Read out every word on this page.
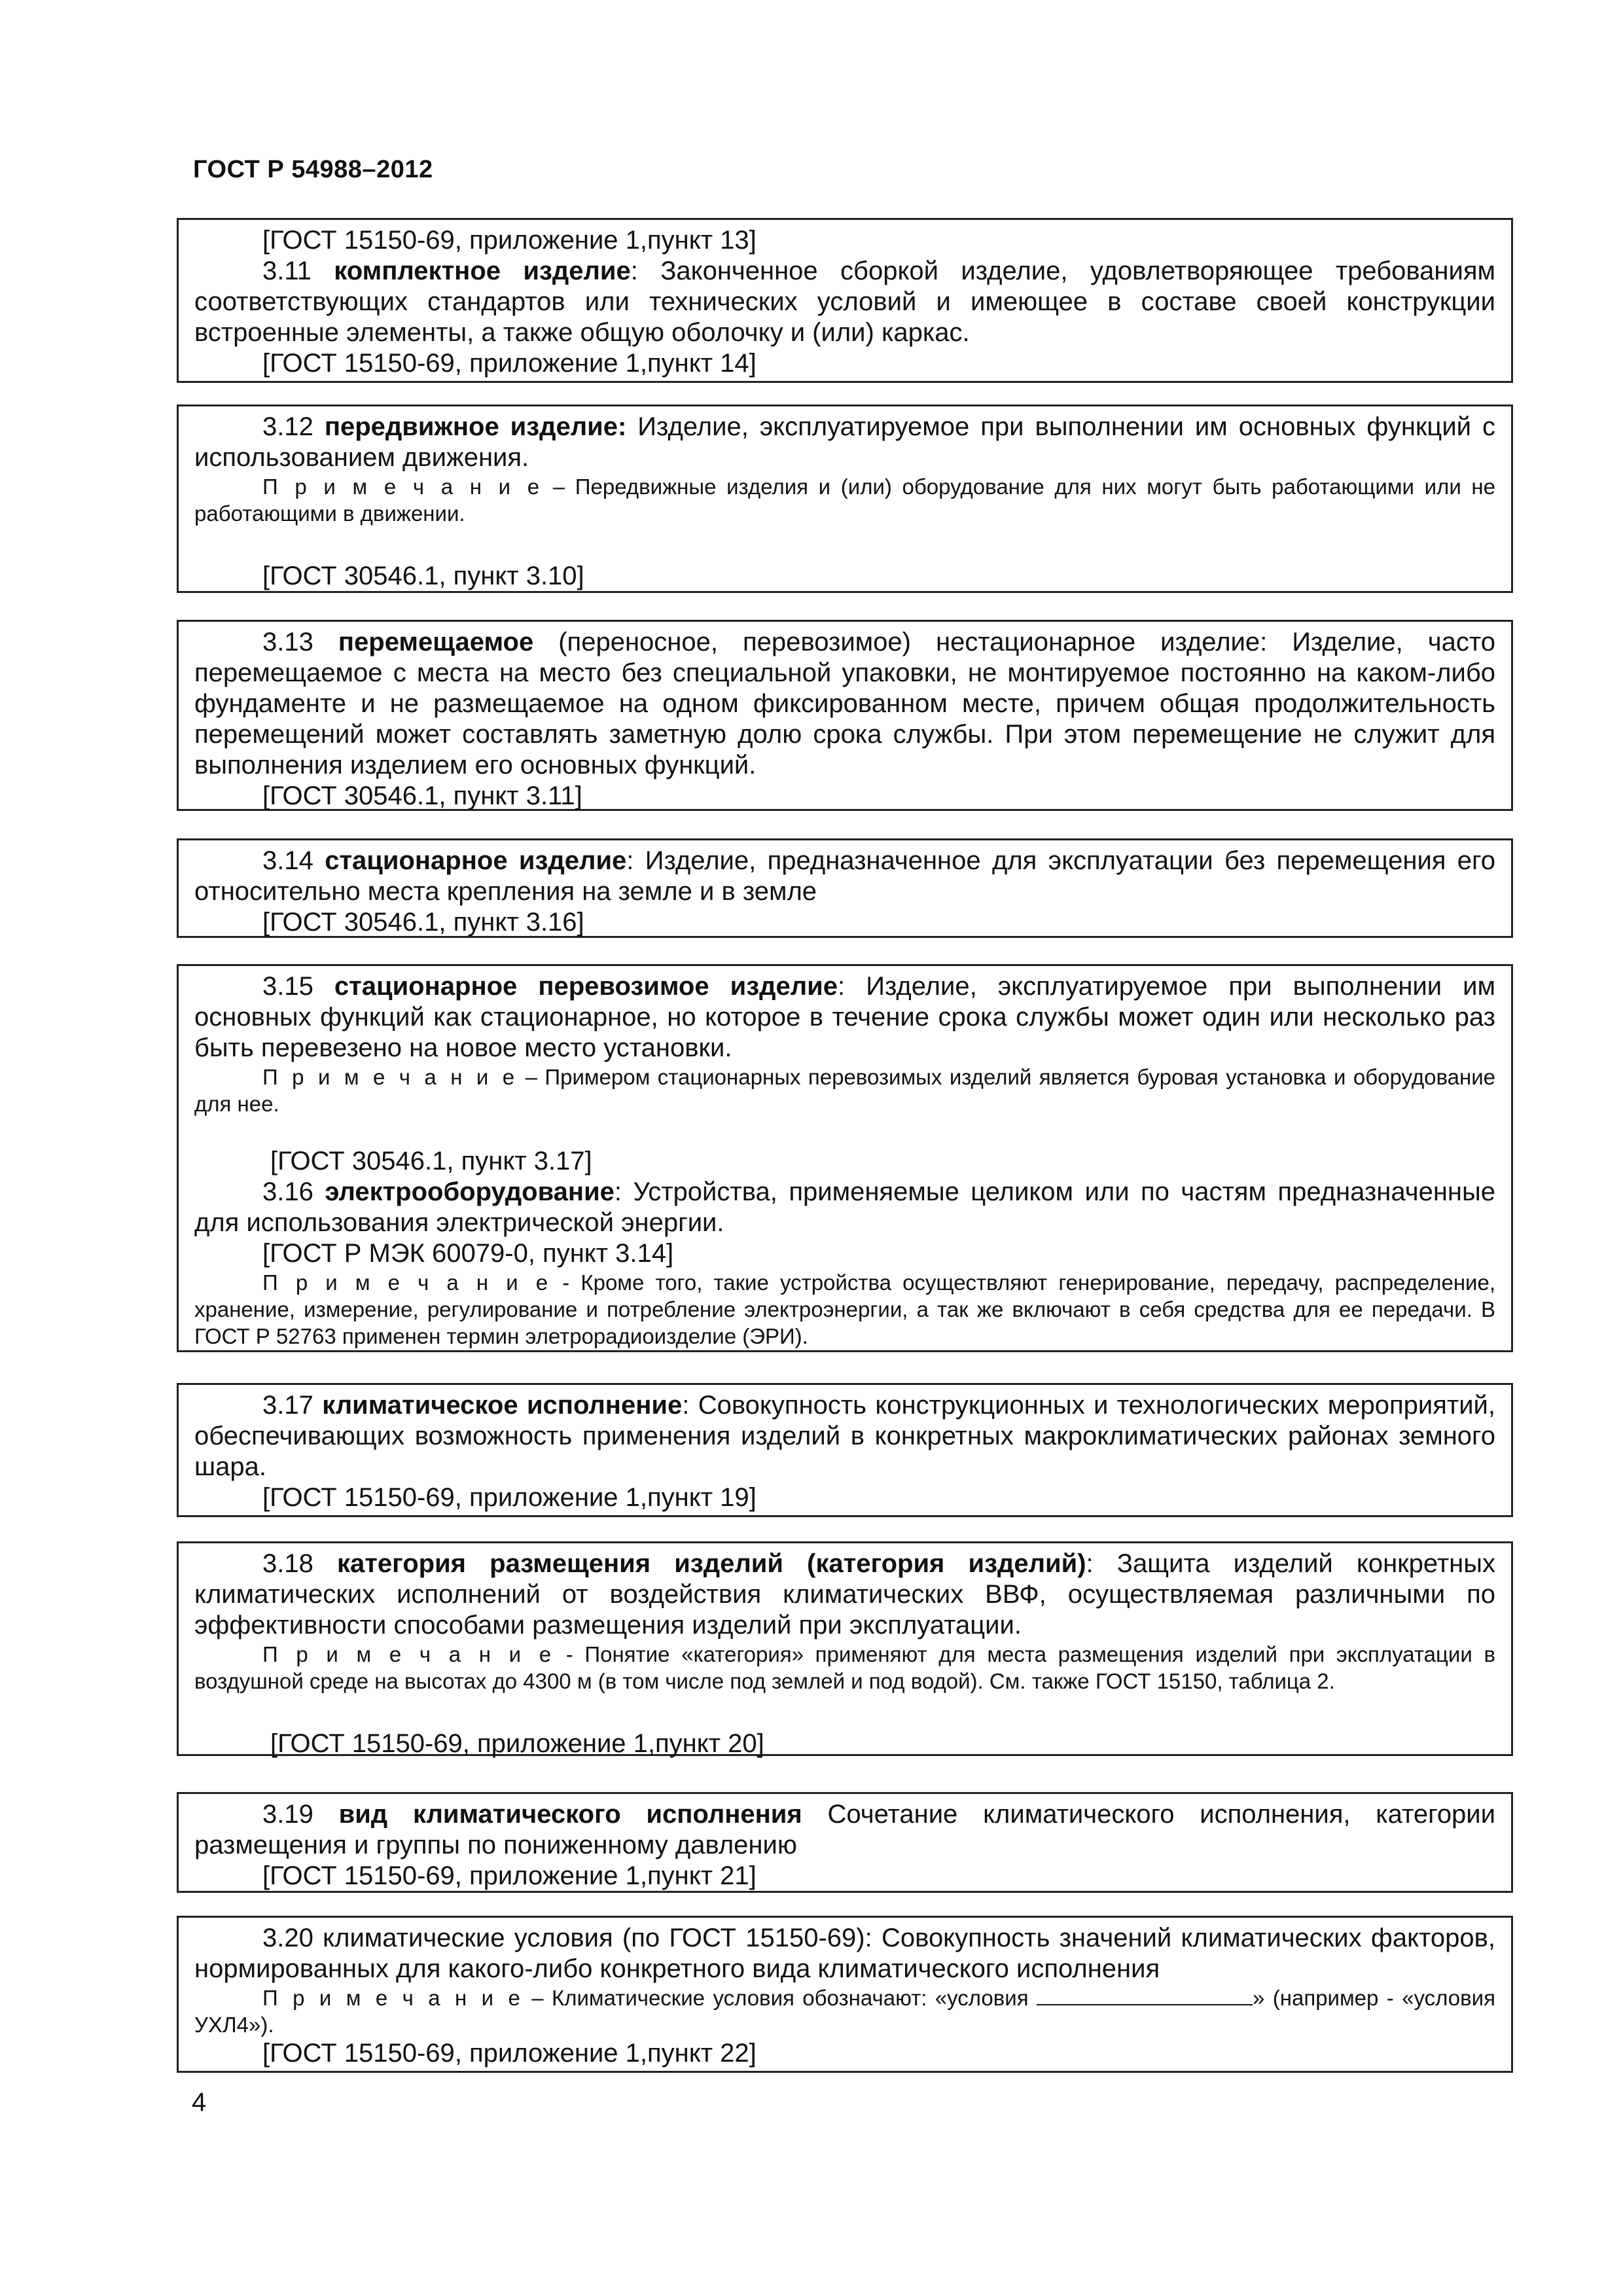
ГОСТ Р 54988–2012

[ГОСТ 15150-69, приложение 1,пункт 13]

3.11 комплектное изделие: Законченное сборкой изделие, удовлетворяющее требованиям соответствующих стандартов или технических условий и имеющее в составе своей конструкции встроенные элементы, а также общую оболочку и (или) каркас.

[ГОСТ 15150-69, приложение 1,пункт 14]

3.12 передвижное изделие: Изделие, эксплуатируемое при выполнении им основных функций с использованием движения.

П р и м е ч а н и е – Передвижные изделия и (или) оборудование для них могут быть работающими или не работающими в движении.

[ГОСТ 30546.1, пункт 3.10]

3.13 перемещаемое (переносное, перевозимое) нестационарное изделие: Изделие, часто перемещаемое с места на место без специальной упаковки, не монтируемое постоянно на каком-либо фундаменте и не размещаемое на одном фиксированном месте, причем общая продолжительность перемещений может составлять заметную долю срока службы. При этом перемещение не служит для выполнения изделием его основных функций.

[ГОСТ 30546.1, пункт 3.11]

3.14 стационарное изделие: Изделие, предназначенное для эксплуатации без перемещения его относительно места крепления на земле и в земле

[ГОСТ 30546.1, пункт 3.16]

3.15 стационарное перевозимое изделие: Изделие, эксплуатируемое при выполнении им основных функций как стационарное, но которое в течение срока службы может один или несколько раз быть перевезено на новое место установки.

П р и м е ч а н и е – Примером стационарных перевозимых изделий является буровая установка и оборудование для нее.

[ГОСТ 30546.1, пункт 3.17]

3.16 электрооборудование: Устройства, применяемые целиком или по частям предназначенные для использования электрической энергии.

[ГОСТ Р МЭК 60079-0, пункт 3.14]

П р и м е ч а н и е - Кроме того, такие устройства осуществляют генерирование, передачу, распределение, хранение, измерение, регулирование и потребление электроэнергии, а так же включают в себя средства для ее передачи. В ГОСТ Р 52763 применен термин элетрорадиоизделие (ЭРИ).

3.17 климатическое исполнение: Совокупность конструкционных и технологических мероприятий, обеспечивающих возможность применения изделий в конкретных макроклиматических районах земного шара.

[ГОСТ 15150-69, приложение 1,пункт 19]

3.18 категория размещения изделий (категория изделий): Защита изделий конкретных климатических исполнений от воздействия климатических ВВФ, осуществляемая различными по эффективности способами размещения изделий при эксплуатации.

П р и м е ч а н и е - Понятие «категория» применяют для места размещения изделий при эксплуатации в воздушной среде на высотах до 4300 м (в том числе под землей и под водой). См. также ГОСТ 15150, таблица 2.

[ГОСТ 15150-69, приложение 1,пункт 20]

3.19 вид климатического исполнения Сочетание климатического исполнения, категории размещения и группы по пониженному давлению

[ГОСТ 15150-69, приложение 1,пункт 21]

3.20 климатические условия (по ГОСТ 15150-69): Совокупность значений климатических факторов, нормированных для какого-либо конкретного вида климатического исполнения

П р и м е ч а н и е – Климатические условия обозначают: «условия	» (например - «условия УХЛ4»).

[ГОСТ 15150-69, приложение 1,пункт 22]

4
